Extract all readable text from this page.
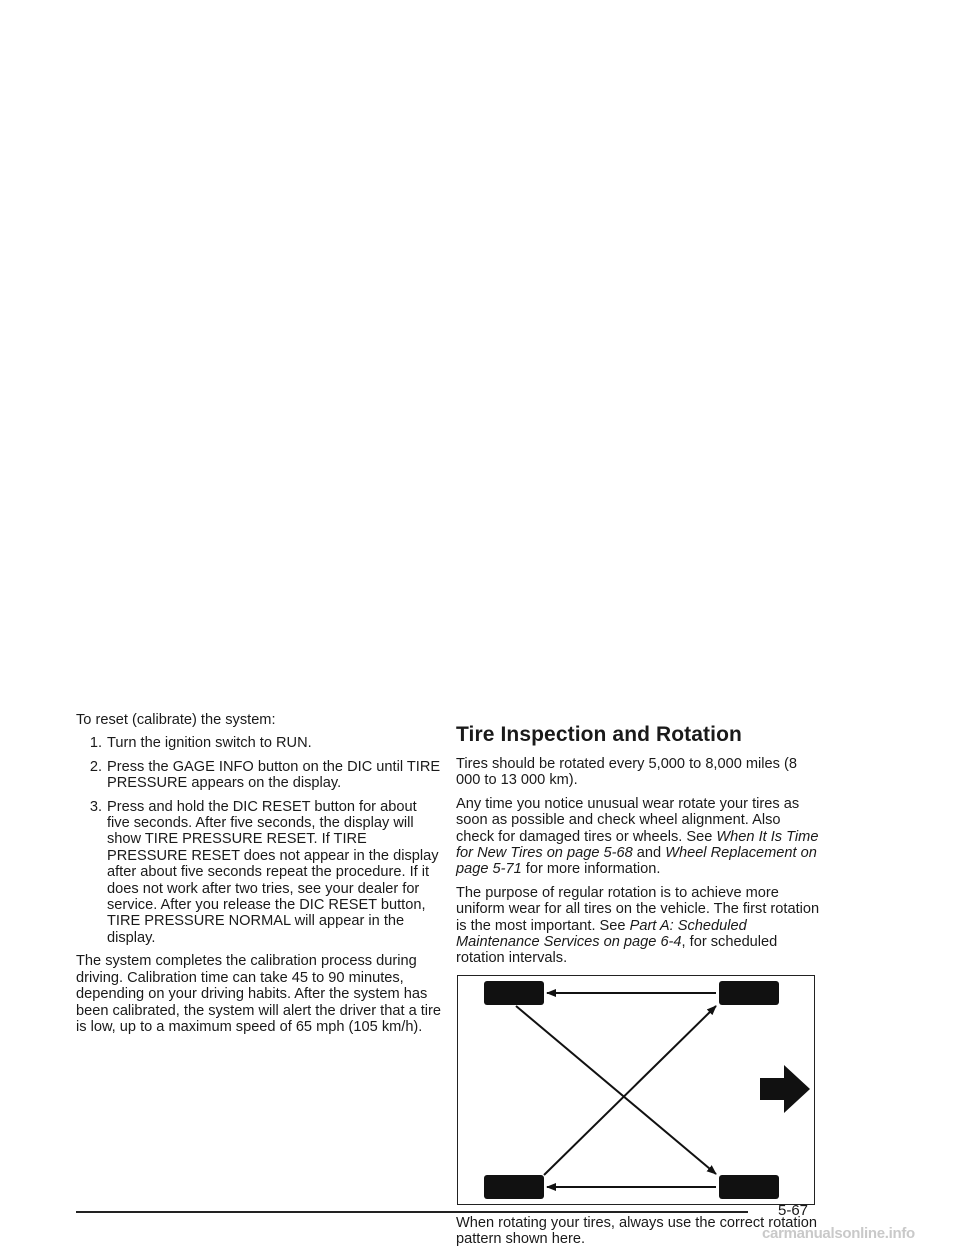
To reset (calibrate) the system:

1. Turn the ignition switch to RUN.
2. Press the GAGE INFO button on the DIC until TIRE PRESSURE appears on the display.
3. Press and hold the DIC RESET button for about five seconds. After five seconds, the display will show TIRE PRESSURE RESET. If TIRE PRESSURE RESET does not appear in the display after about five seconds repeat the procedure. If it does not work after two tries, see your dealer for service. After you release the DIC RESET button, TIRE PRESSURE NORMAL will appear in the display.

The system completes the calibration process during driving. Calibration time can take 45 to 90 minutes, depending on your driving habits. After the system has been calibrated, the system will alert the driver that a tire is low, up to a maximum speed of 65 mph (105 km/h).

Tire Inspection and Rotation

Tires should be rotated every 5,000 to 8,000 miles (8 000 to 13 000 km).

Any time you notice unusual wear rotate your tires as soon as possible and check wheel alignment. Also check for damaged tires or wheels. See When It Is Time for New Tires on page 5-68 and Wheel Replacement on page 5-71 for more information.

The purpose of regular rotation is to achieve more uniform wear for all tires on the vehicle. The first rotation is the most important. See Part A: Scheduled Maintenance Services on page 6-4, for scheduled rotation intervals.

When rotating your tires, always use the correct rotation pattern shown here.

5-67
carmanualsonline.info
